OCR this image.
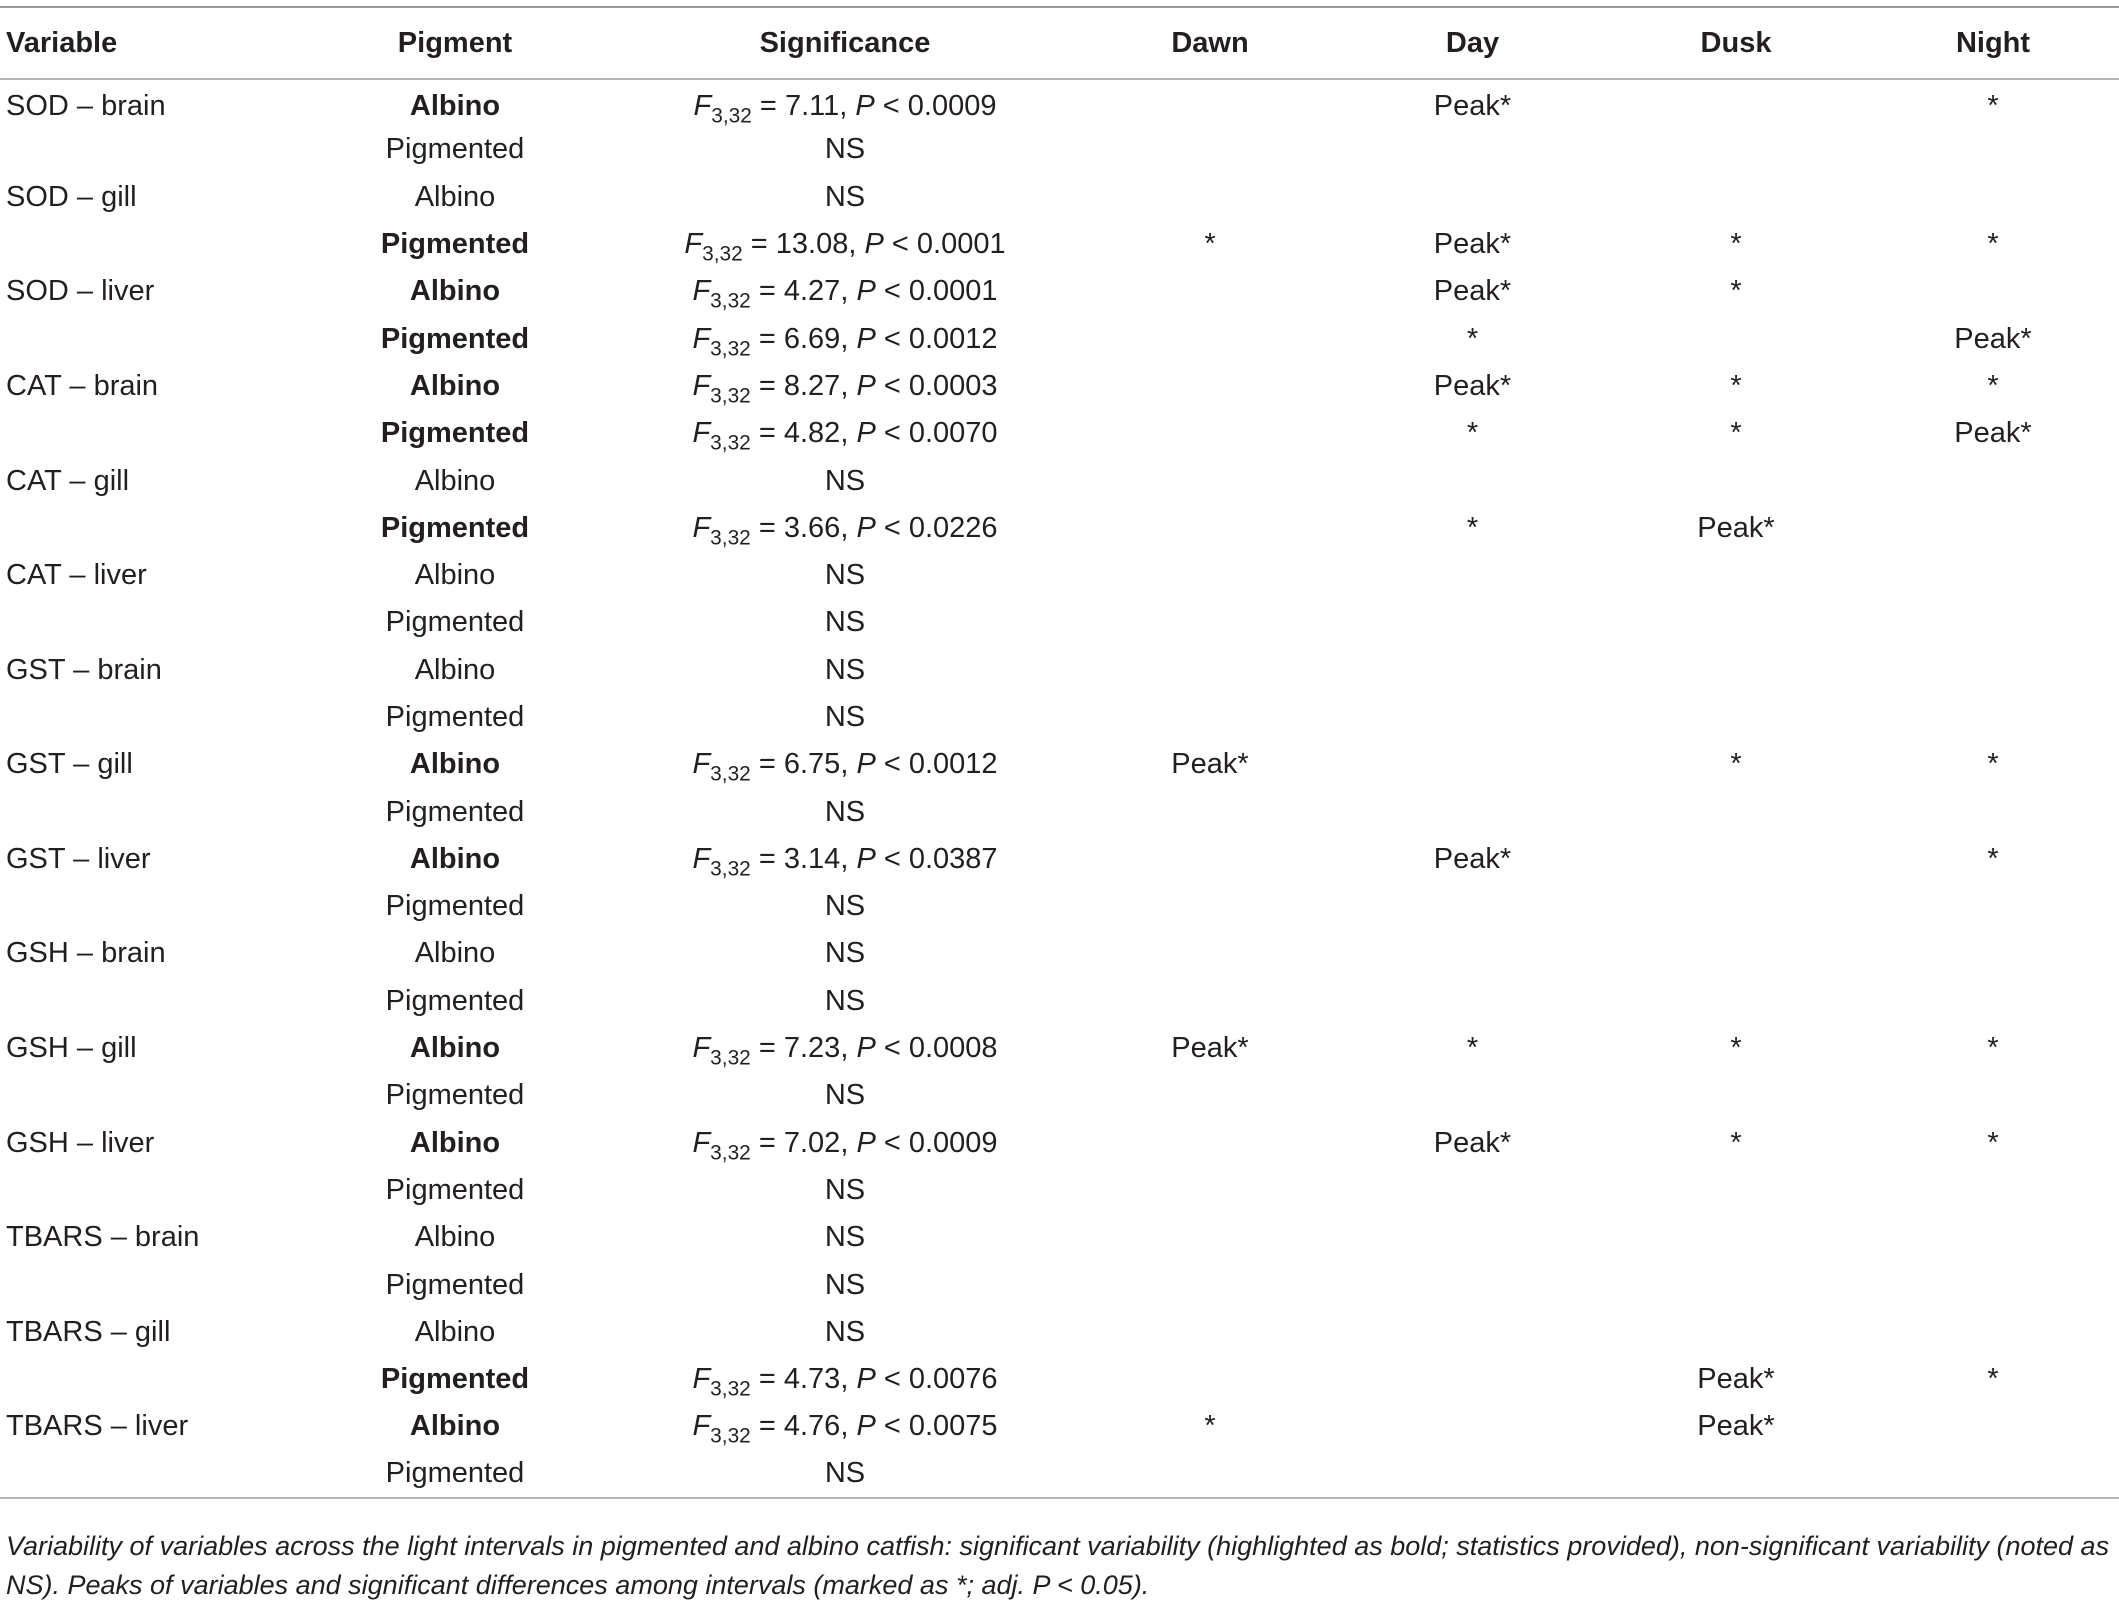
Variable	Pigment	Significance	Dawn	Day	Dusk	Night
SOD – brain	Albino	$F_{3,32} = 7.11$, P < 0.0009		Peak*		*
	Pigmented	NS				
SOD – gill	Albino	NS				
	Pigmented	$F_{3,32} = 13.08$, P < 0.0001	*	Peak*	*	*
SOD – liver	Albino	$F_{3,32} = 4.27$, P < 0.0001		Peak*	*	
	Pigmented	$F_{3,32} = 6.69$, P < 0.0012		*		Peak*
CAT – brain	Albino	$F_{3,32} = 8.27$, P < 0.0003		Peak*	*	*
	Pigmented	$F_{3,32} = 4.82$, P < 0.0070		*	*	Peak*
CAT – gill	Albino	NS				
	Pigmented	$F_{3,32} = 3.66$, P < 0.0226		*	Peak*	
CAT – liver	Albino	NS				
	Pigmented	NS				
GST – brain	Albino	NS				
	Pigmented	NS				
GST – gill	Albino	$F_{3,32} = 6.75$, P < 0.0012	Peak*		*	*
	Pigmented	NS				
GST – liver	Albino	$F_{3,32} = 3.14$, P < 0.0387		Peak*		*
	Pigmented	NS				
GSH – brain	Albino	NS				
	Pigmented	NS				
GSH – gill	Albino	$F_{3,32} = 7.23$, P < 0.0008	Peak*	*	*	*
	Pigmented	NS				
GSH – liver	Albino	$F_{3,32} = 7.02$, P < 0.0009		Peak*	*	*
	Pigmented	NS				
TBARS – brain	Albino	NS				
	Pigmented	NS				
TBARS – gill	Albino	NS				
	Pigmented	$F_{3,32} = 4.73$, P < 0.0076			Peak*	*
TBARS – liver	Albino	$F_{3,32} = 4.76$, P < 0.0075	*		Peak*	
	Pigmented	NS				
Variability of variables across the light intervals in pigmented and albino catfish: significant variability (highlighted as bold; statistics provided), non-significant variability (noted as NS). Peaks of variables and significant differences among intervals (marked as *; adj. P < 0.05).
